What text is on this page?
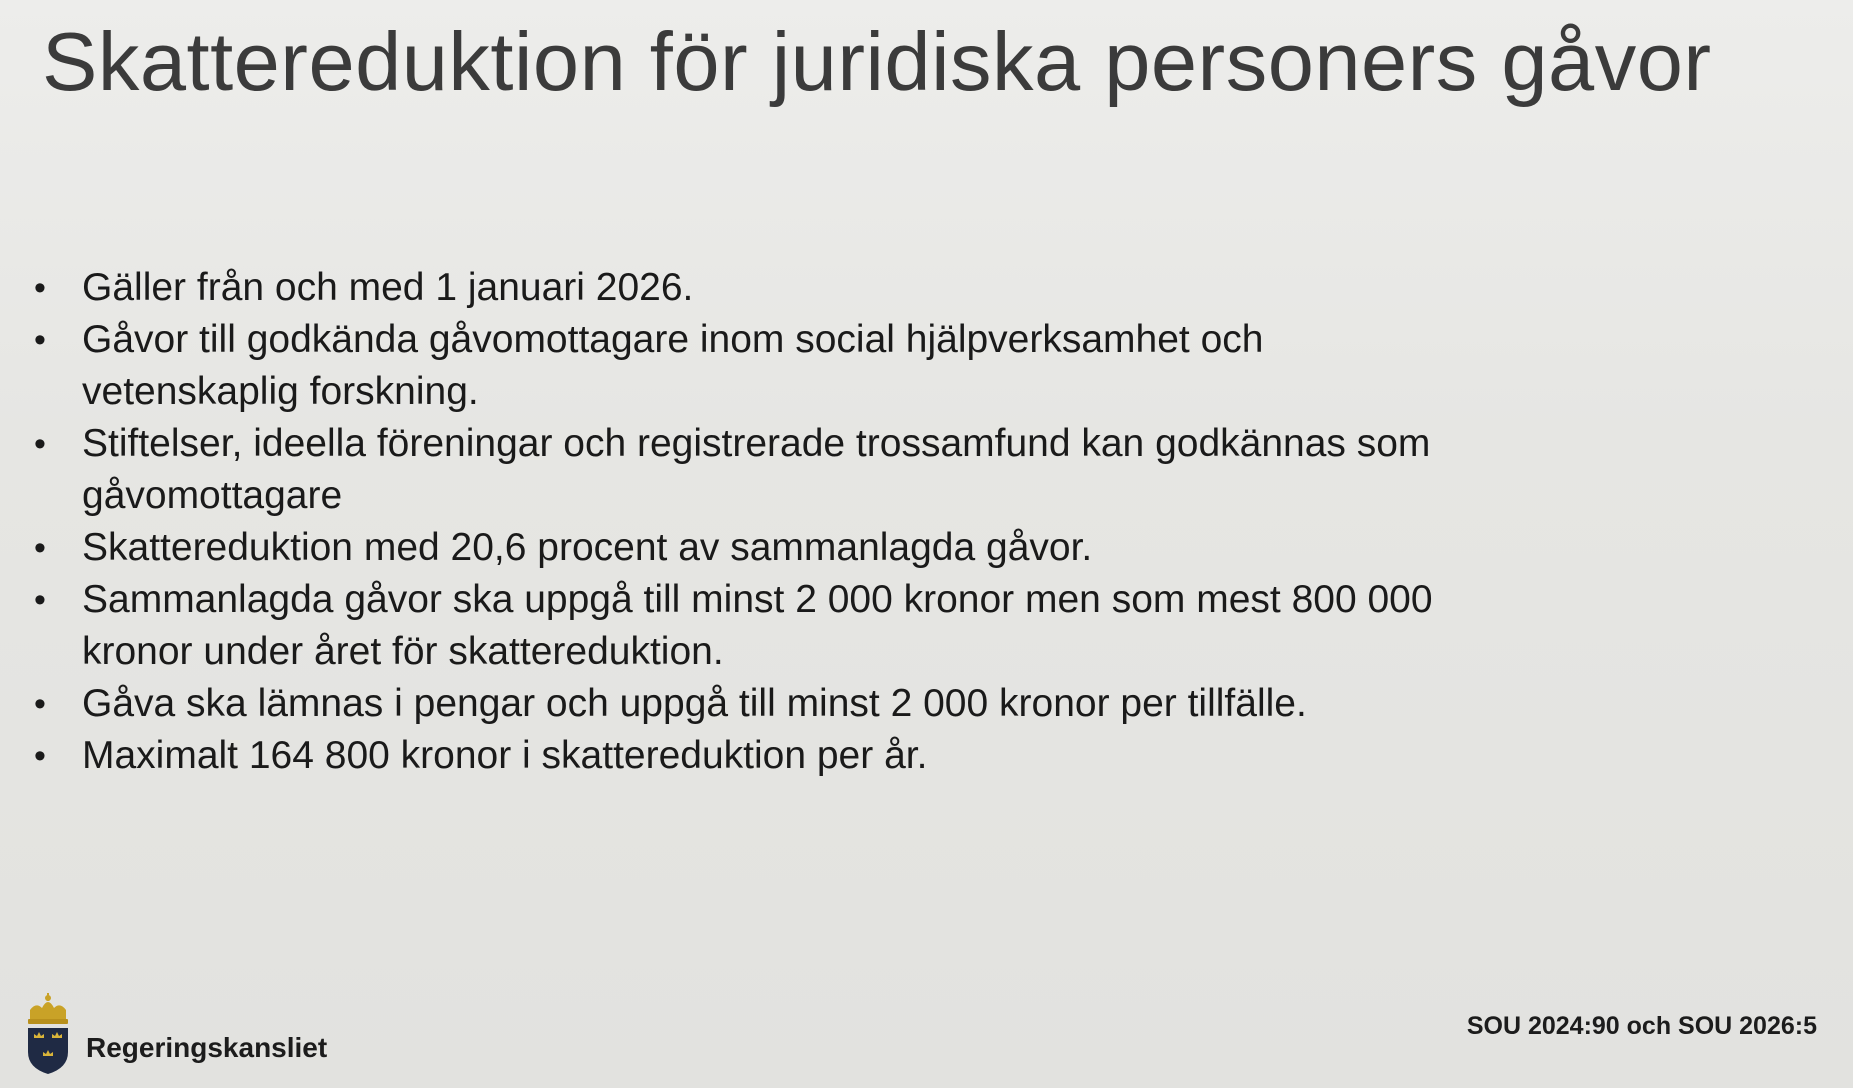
Skattereduktion för juridiska personers gåvor
• Gäller från och med 1 januari 2026.
• Gåvor till godkända gåvomottagare inom social hjälpverksamhet och vetenskaplig forskning.
• Stiftelser, ideella föreningar och registrerade trossamfund kan godkännas som gåvomottagare
• Skattereduktion med 20,6 procent av sammanlagda gåvor.
• Sammanlagda gåvor ska uppgå till minst 2 000 kronor men som mest 800 000 kronor under året för skattereduktion.
• Gåva ska lämnas i pengar och uppgå till minst 2 000 kronor per tillfälle.
• Maximalt 164 800 kronor i skattereduktion per år.
Regeringskansliet
SOU 2024:90 och SOU 2026:5
